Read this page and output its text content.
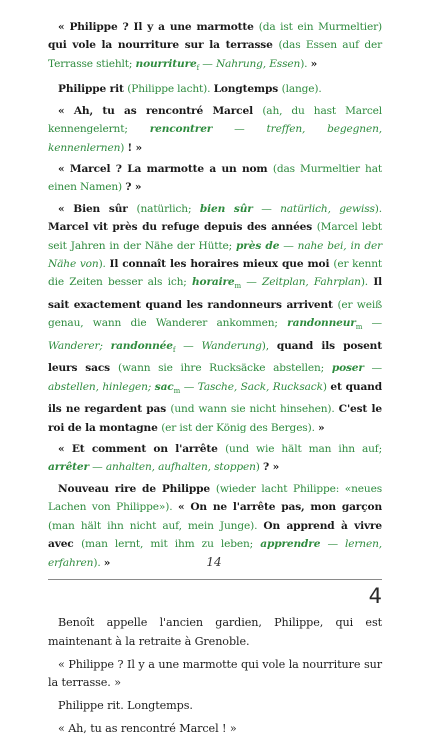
« Philippe ? Il y a une marmotte (da ist ein Murmeltier) qui vole la nourriture sur la terrasse (das Essen auf der Terrasse stiehlt; nourriture$_f$ — Nahrung, Essen). »

Philippe rit (Philippe lacht). Longtemps (lange).

« Ah, tu as rencontré Marcel (ah, du hast Marcel kennengelernt; rencontrer — treffen, begegnen, kennenlernen) ! »

« Marcel ? La marmotte a un nom (das Murmeltier hat einen Namen) ? »

« Bien sûr (natürlich; bien sûr — natürlich, gewiss). Marcel vit près du refuge depuis des années (Marcel lebt seit Jahren in der Nähe der Hütte; près de — nahe bei, in der Nähe von). Il connaît les horaires mieux que moi (er kennt die Zeiten besser als ich; horaire$_m$ — Zeitplan, Fahrplan). Il sait exactement quand les randonneurs arrivent (er weiß genau, wann die Wanderer ankommen; randonneur$_m$ — Wanderer; randonnée$_f$ — Wanderung), quand ils posent leurs sacs (wann sie ihre Rucksäcke abstellen; poser — abstellen, hinlegen; sac$_m$ — Tasche, Sack, Rucksack) et quand ils ne regardent pas (und wann sie nicht hinsehen). C'est le roi de la montagne (er ist der König des Berges). »

« Et comment on l'arrête (und wie hält man ihn auf; arrêter — anhalten, aufhalten, stoppen) ? »

Nouveau rire de Philippe (wieder lacht Philippe: «neues Lachen von Philippe»). « On ne l'arrête pas, mon garçon (man hält ihn nicht auf, mein Junge). On apprend à vivre avec (man lernt, mit ihm zu leben; apprendre — lernen, erfahren). »

4

Benoît appelle l'ancien gardien, Philippe, qui est maintenant à la retraite à Grenoble.

« Philippe ? Il y a une marmotte qui vole la nourriture sur la terrasse. »

Philippe rit. Longtemps.

« Ah, tu as rencontré Marcel ! »

14
